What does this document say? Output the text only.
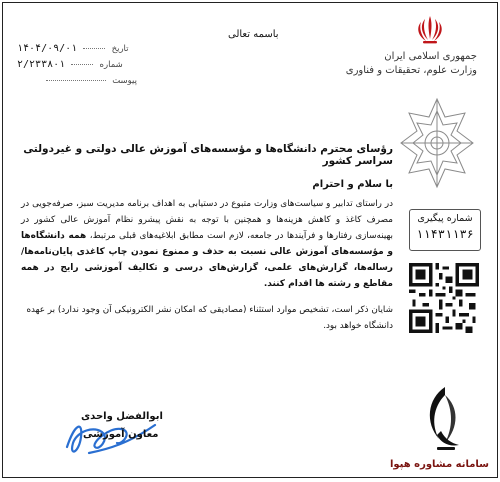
جمهوری اسلامی ایران
وزارت علوم، تحقیقات و فناوری
باسمه تعالی
۱۴۰۴/۰۹/۰۱	تاریخ
۲/۲۳۳۸۰۱	شماره
پیوست
شماره پیگیری
۱۱۴۳۱۱۳۶
سامانه مشاوره هپوا
رؤسای محترم دانشگاه‌ها و مؤسسه‌های آموزش عالی دولتی و غیردولتی سراسر کشور
با سلام و احترام
در راستای تدابیر و سیاست‌های وزارت متبوع در دستیابی به اهداف برنامه مدیریت سبز، صرفه‌جویی در مصرف کاغذ و کاهش هزینه‌ها و همچنین با توجه به نقش پیشرو نظام آموزش عالی کشور در بهینه‌سازی رفتارها و فرآیندها در جامعه، لازم است مطابق ابلاغیه‌های قبلی مرتبط، همه دانشگاه‌ها و مؤسسه‌های آموزش عالی نسبت به حذف و ممنوع نمودن چاپ کاغذی پایان‌نامه‌ها/رساله‌ها، گزارش‌های علمی، گزارش‌های درسی و تکالیف آموزشی رایج در همه مقاطع و رشته ها اقدام کنند.
شایان ذکر است، تشخیص موارد استثناء (مصادیقی که امکان نشر الکترونیکی آن وجود ندارد) بر عهده دانشگاه خواهد بود.
ابوالفضل واحدی
معاون آموزشی
